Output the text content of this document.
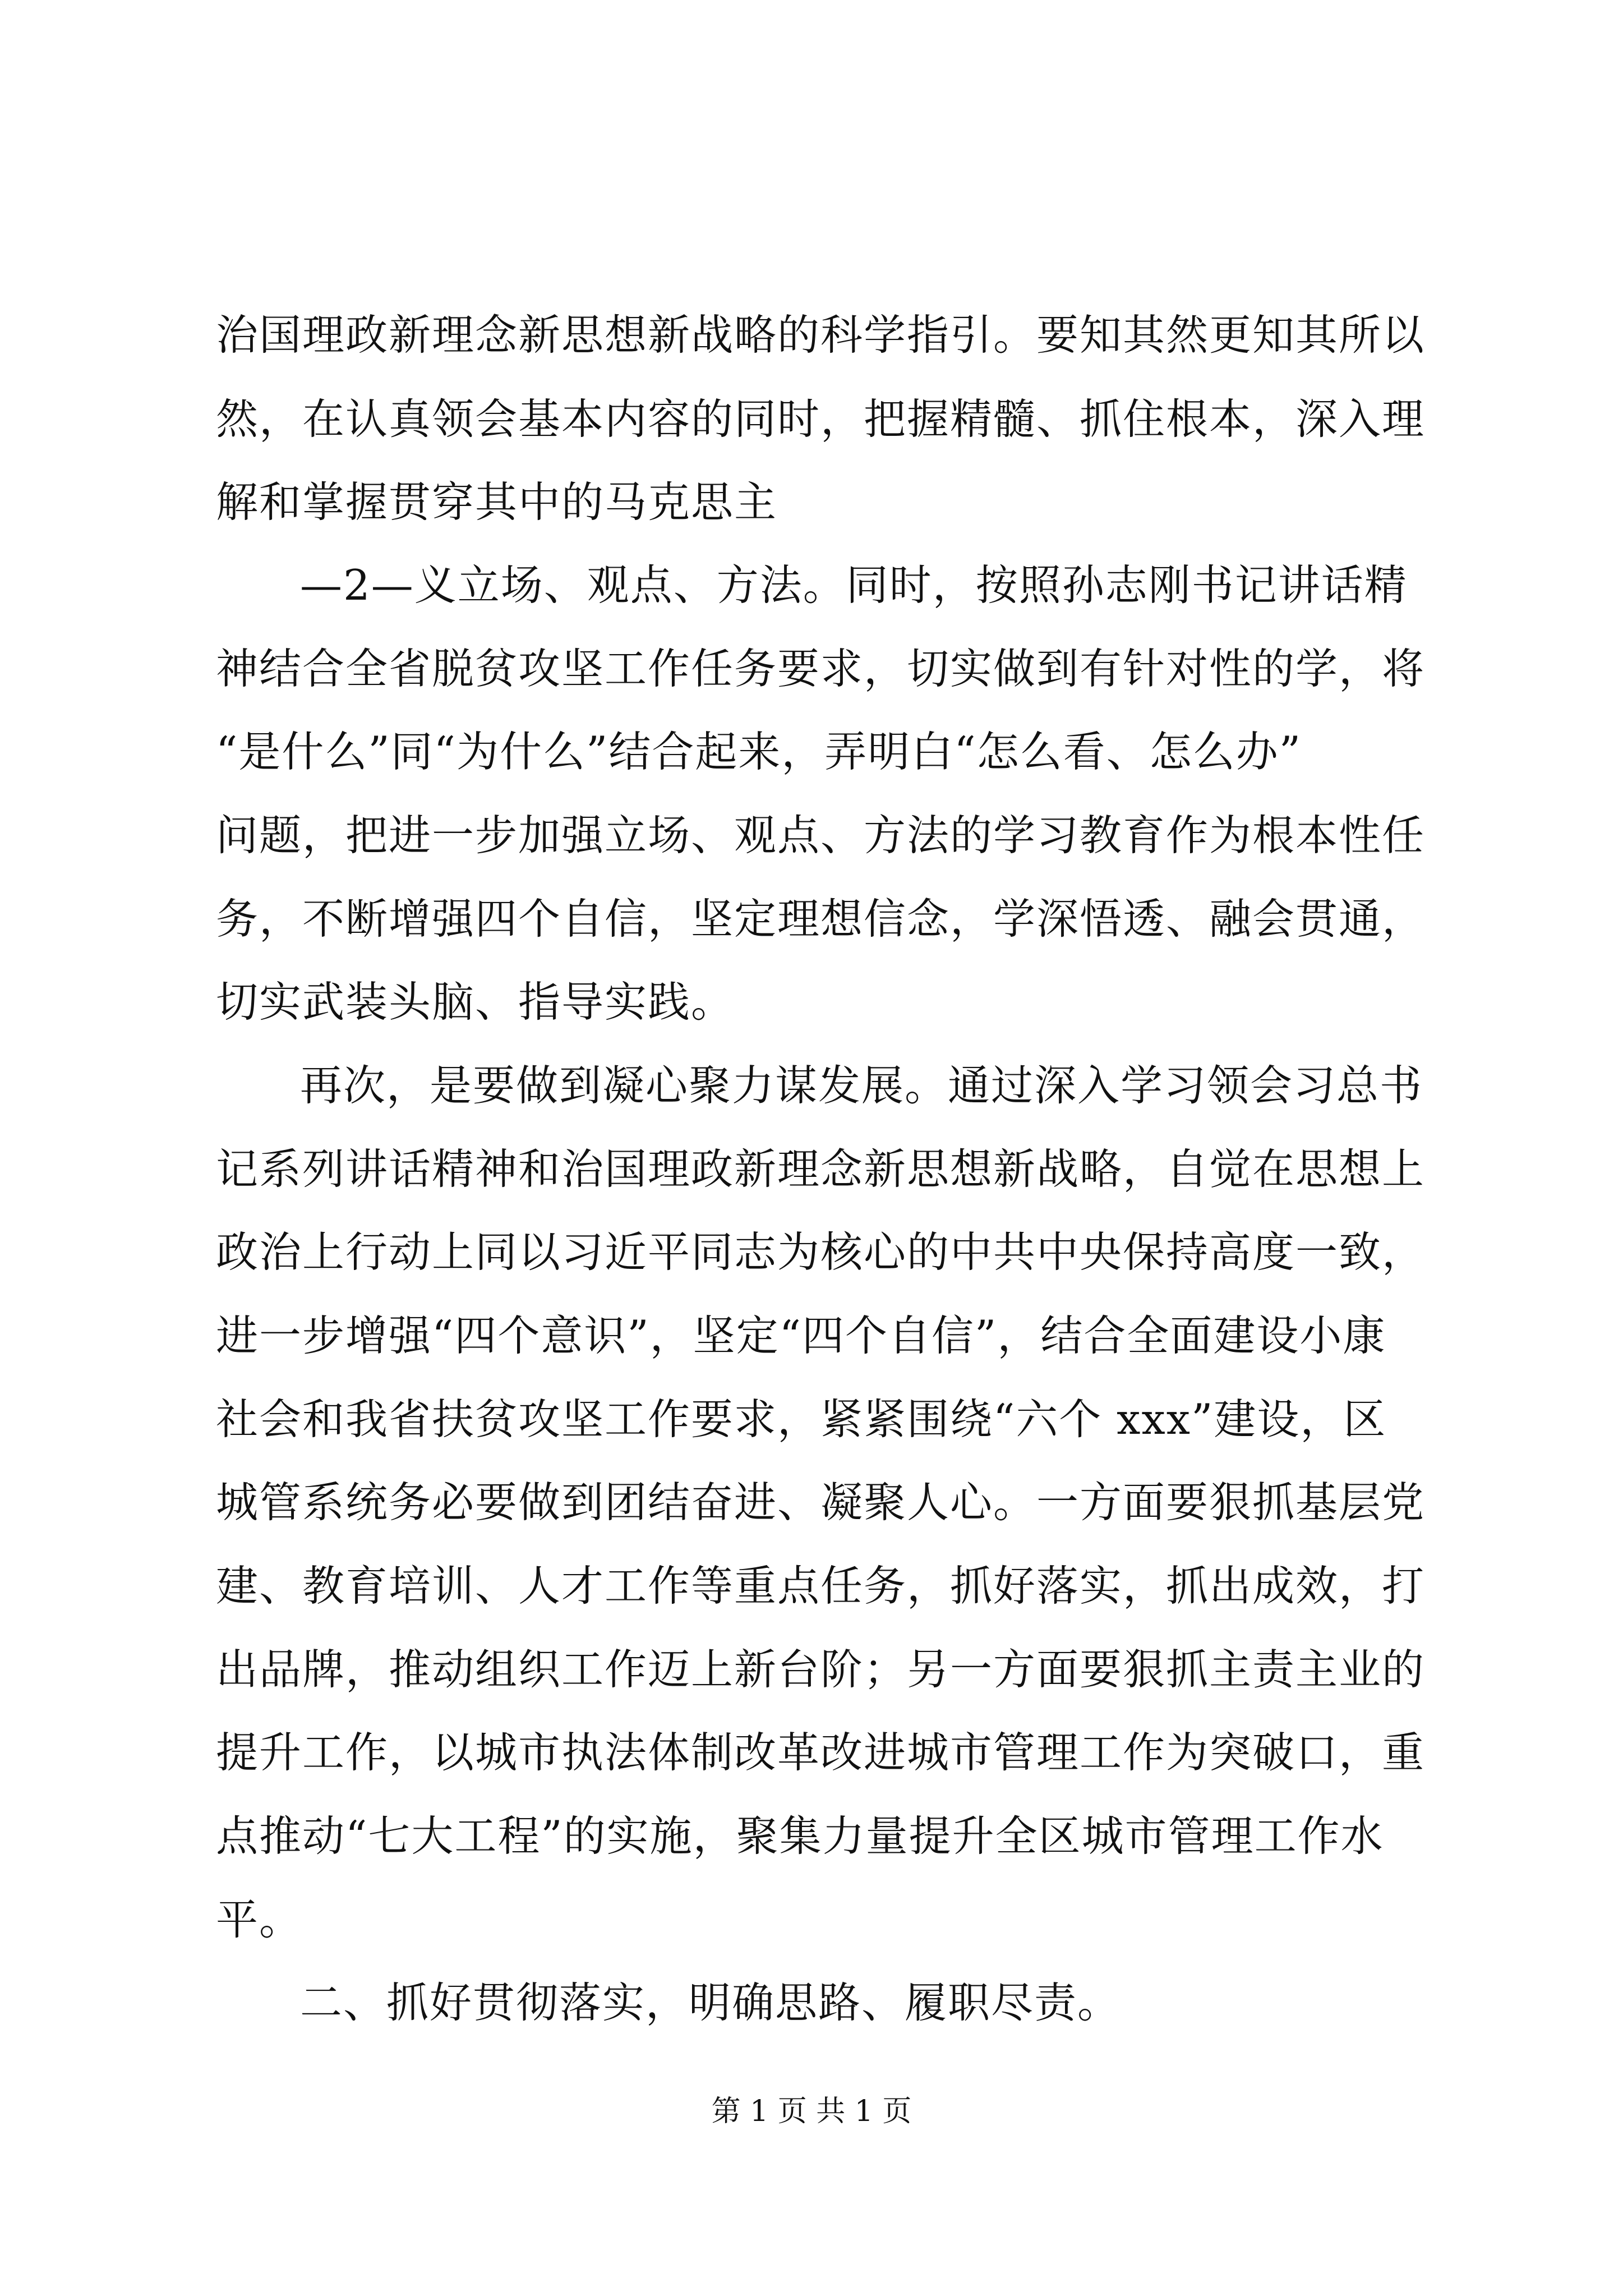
治国理政新理念新思想新战略的科学指引。要知其然更知其所以
然，在认真领会基本内容的同时，把握精髓、抓住根本，深入理
解和掌握贯穿其中的马克思主
—2—义立场、观点、方法。同时，按照孙志刚书记讲话精
神结合全省脱贫攻坚工作任务要求，切实做到有针对性的学，将
“是什么”同“为什么”结合起来，弄明白“怎么看、怎么办”
问题，把进一步加强立场、观点、方法的学习教育作为根本性任
务，不断增强四个自信，坚定理想信念，学深悟透、融会贯通，
切实武装头脑、指导实践。
再次，是要做到凝心聚力谋发展。通过深入学习领会习总书
记系列讲话精神和治国理政新理念新思想新战略，自觉在思想上
政治上行动上同以习近平同志为核心的中共中央保持高度一致，
进一步增强“四个意识”，坚定“四个自信”，结合全面建设小康
社会和我省扶贫攻坚工作要求，紧紧围绕“六个 xxx”建设，区
城管系统务必要做到团结奋进、凝聚人心。一方面要狠抓基层党
建、教育培训、人才工作等重点任务，抓好落实，抓出成效，打
出品牌，推动组织工作迈上新台阶；另一方面要狠抓主责主业的
提升工作，以城市执法体制改革改进城市管理工作为突破口，重
点推动“七大工程”的实施，聚集力量提升全区城市管理工作水
平。
二、抓好贯彻落实，明确思路、履职尽责。
第 1 页 共 1 页
